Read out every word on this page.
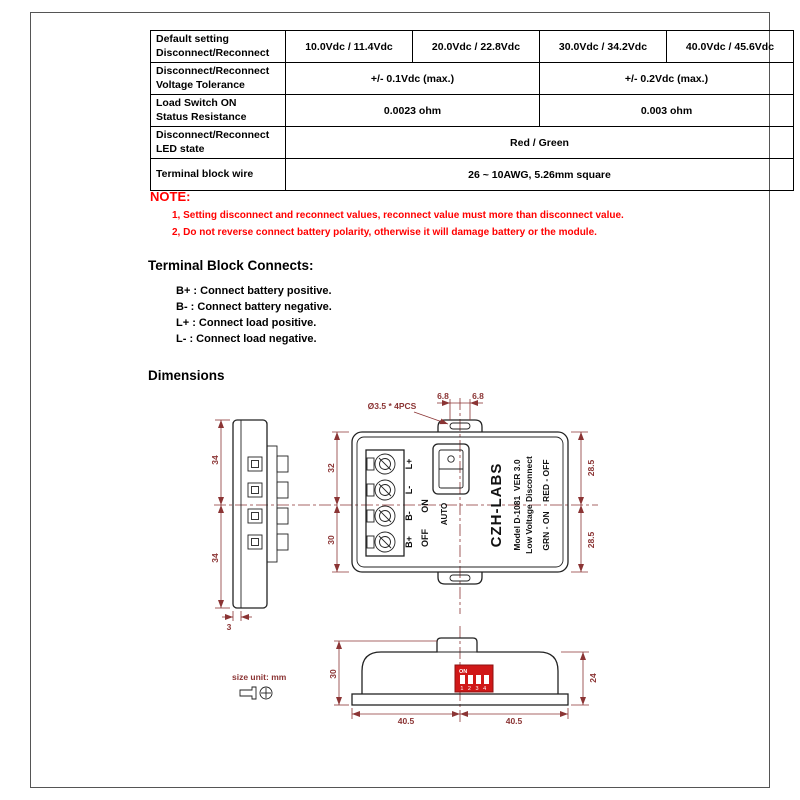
Default setting
Disconnect/Reconnect	10.0Vdc / 11.4Vdc	20.0Vdc / 22.8Vdc	30.0Vdc / 34.2Vdc	40.0Vdc / 45.6Vdc

Disconnect/Reconnect
Voltage Tolerance	+/- 0.1Vdc (max.)		+/- 0.2Vdc (max.)	

Load Switch ON
Status Resistance	0.0023 ohm		0.003 ohm	

Disconnect/Reconnect
LED state	Red / Green			

Terminal block wire	26 ~ 10AWG, 5.26mm square			
NOTE:
1, Setting disconnect and reconnect values, reconnect value must more than disconnect value.
2, Do not reverse connect battery polarity, otherwise it will damage battery or the module.
Terminal Block Connects:
B+ : Connect battery positive.
B- : Connect battery negative.
L+ : Connect load positive.
L- : Connect load negative.
Dimensions
34
34
3
L+
L-
B-
B+
ON AUTO
OFF	CZH-LABS Model D-1081  VER 3.0 Low Voltage Disconnect GRN - ON    RED - OFF
32
30
28.5
28.5
6.8	6.8
Ø3.5 * 4PCS
ON
1 2 3 4
30	24
40.5	40.5
size unit: mm
